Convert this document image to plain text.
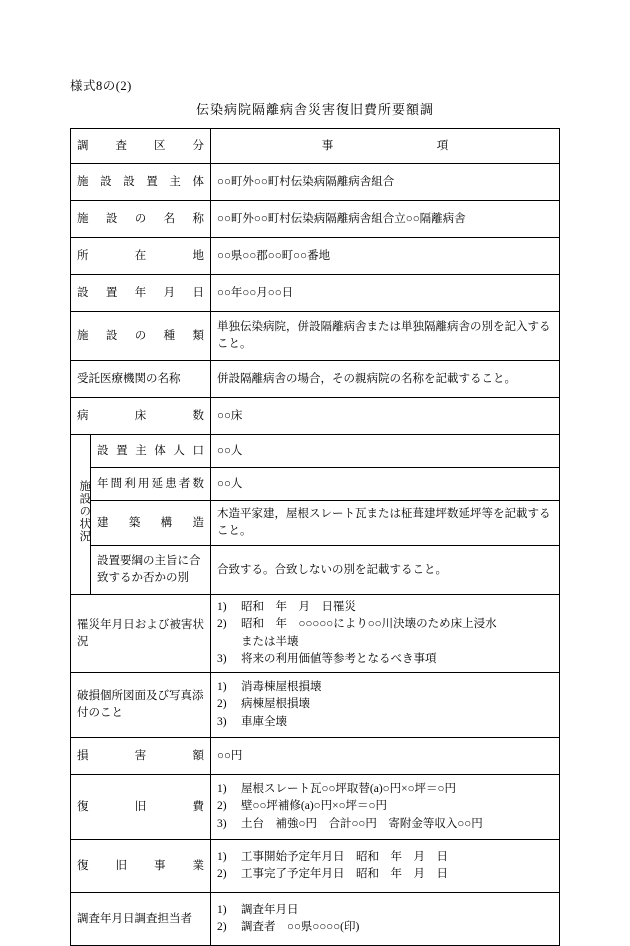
様式8の(2)
伝染病院隔離病舎災害復旧費所要額調
調査区分		事　　　　　　　　　項
施設設置主体		○○町外○○町村伝染病隔離病舎組合
施設の名称		○○町外○○町村伝染病隔離病舎組合立○○隔離病舎
所在地		○○県○○郡○○町○○番地
設置年月日		○○年○○月○○日
施設の種類		単独伝染病院，併設隔離病舎または単独隔離病舎の別を記入すること。
受託医療機関の名称		併設隔離病舎の場合，その親病院の名称を記載すること。
病床数		○○床
施設の状況	設置主体人口	○○人
	年間利用延患者数	○○人
	建築構造	木造平家建，屋根スレート瓦または柾葺建坪数延坪等を記載すること。
	設置要綱の主旨に合致するか否かの別	合致する。合致しないの別を記載すること。
罹災年月日および被害状況	
1)	昭和　年　月　日罹災
2)	昭和　年　○○○○○により○○川決壊のため床上浸水
または半壊
3)	将来の利用価値等参考となるべき事項

破損個所図面及び写真添付のこと	
1)	消毒棟屋根損壊
2)	病棟屋根損壊
3)	車庫全壊

損害額		○○円
復旧費	
1)	屋根スレート瓦○○坪取替(a)○円×○坪＝○円
2)	壁○○坪補修(a)○円×○坪＝○円
3)	土台　補強○円　合計○○円　寄附金等収入○○円

復旧事業	
1)	工事開始予定年月日　昭和　年　月　日
2)	工事完了予定年月日　昭和　年　月　日

調査年月日調査担当者	
1)	調査年月日
2)	調査者　○○県○○○○(印)
